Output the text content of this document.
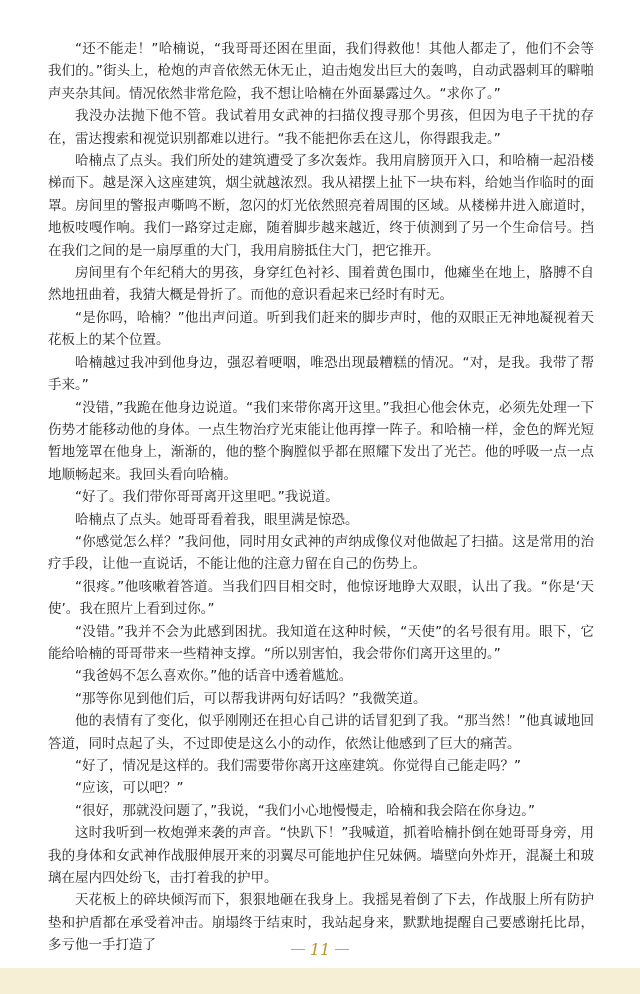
“还不能走！”哈楠说，“我哥哥还困在里面，我们得救他！其他人都走了，他们不会等我们的。”街头上，枪炮的声音依然无休无止，迫击炮发出巨大的轰鸣，自动武器刺耳的噼啪声夹杂其间。情况依然非常危险，我不想让哈楠在外面暴露过久。“求你了。”

我没办法抛下他不管。我试着用女武神的扫描仪搜寻那个男孩，但因为电子干扰的存在，雷达搜索和视觉识别都难以进行。“我不能把你丢在这儿，你得跟我走。”

哈楠点了点头。我们所处的建筑遭受了多次轰炸。我用肩膀顶开入口，和哈楠一起沿楼梯而下。越是深入这座建筑，烟尘就越浓烈。我从裙摆上扯下一块布料，给她当作临时的面罩。房间里的警报声嘶鸣不断，忽闪的灯光依然照亮着周围的区域。从楼梯井进入廊道时，地板吱嘎作响。我们一路穿过走廊，随着脚步越来越近，终于侦测到了另一个生命信号。挡在我们之间的是一扇厚重的大门，我用肩膀抵住大门，把它推开。

房间里有个年纪稍大的男孩，身穿红色衬衫、围着黄色围巾，他瘫坐在地上，胳膊不自然地扭曲着，我猜大概是骨折了。而他的意识看起来已经时有时无。

“是你吗，哈楠？”他出声问道。听到我们赶来的脚步声时，他的双眼正无神地凝视着天花板上的某个位置。

哈楠越过我冲到他身边，强忍着哽咽，唯恐出现最糟糕的情况。“对，是我。我带了帮手来。”

“没错，”我跪在他身边说道。“我们来带你离开这里。”我担心他会休克，必须先处理一下伤势才能移动他的身体。一点生物治疗光束能让他再撑一阵子。和哈楠一样，金色的辉光短暂地笼罩在他身上，渐渐的，他的整个胸膛似乎都在照耀下发出了光芒。他的呼吸一点一点地顺畅起来。我回头看向哈楠。

“好了。我们带你哥哥离开这里吧。”我说道。

哈楠点了点头。她哥哥看着我，眼里满是惊恐。

“你感觉怎么样？”我问他，同时用女武神的声纳成像仪对他做起了扫描。这是常用的治疗手段，让他一直说话，不能让他的注意力留在自己的伤势上。

“很疼。”他咳嗽着答道。当我们四目相交时，他惊讶地睁大双眼，认出了我。“你是‘天使’。我在照片上看到过你。”

“没错。”我并不会为此感到困扰。我知道在这种时候，“天使”的名号很有用。眼下，它能给哈楠的哥哥带来一些精神支撑。“所以别害怕，我会带你们离开这里的。”

“我爸妈不怎么喜欢你。”他的话音中透着尴尬。

“那等你见到他们后，可以帮我讲两句好话吗？”我微笑道。

他的表情有了变化，似乎刚刚还在担心自己讲的话冒犯到了我。“那当然！”他真诚地回答道，同时点起了头，不过即使是这么小的动作，依然让他感到了巨大的痛苦。

“好了，情况是这样的。我们需要带你离开这座建筑。你觉得自己能走吗？”

“应该，可以吧？”

“很好，那就没问题了，”我说，“我们小心地慢慢走，哈楠和我会陪在你身边。”

这时我听到一枚炮弹来袭的声音。“快趴下！”我喊道，抓着哈楠扑倒在她哥哥身旁，用我的身体和女武神作战服伸展开来的羽翼尽可能地护住兄妹俩。墙壁向外炸开，混凝土和玻璃在屋内四处纷飞，击打着我的护甲。

天花板上的碎块倾泻而下，狠狠地砸在我身上。我摇晃着倒了下去，作战服上所有防护垫和护盾都在承受着冲击。崩塌终于结束时，我站起身来，默默地提醒自己要感谢托比昂，多亏他一手打造了	11
